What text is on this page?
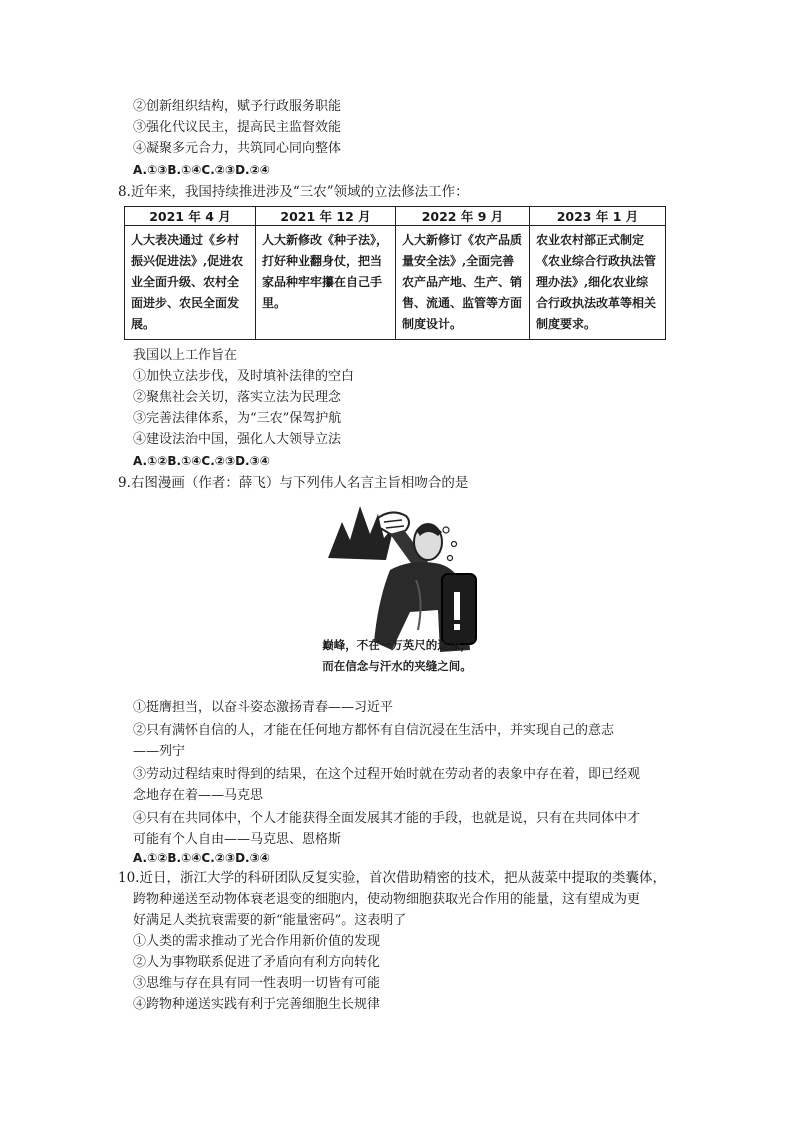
②创新组织结构，赋予行政服务职能
③强化代议民主，提高民主监督效能
④凝聚多元合力，共筑同心同向整体
A.①③B.①④C.②③D.②④
8.近年来，我国持续推进涉及“三农”领域的立法修法工作：
2021 年 4 月	2021 年 12 月	2022 年 9 月	2023 年 1 月
人大表决通过《乡村振兴促进法》,促进农业全面升级、农村全面进步、农民全面发展。	人大新修改《种子法》，打好种业翻身仗，把当家品种牢牢攥在自己手里。	人大新修订《农产品质量安全法》,全面完善农产品产地、生产、销售、流通、监管等方面制度设计。	农业农村部正式制定《农业综合行政执法管理办法》,细化农业综合行政执法改革等相关制度要求。
我国以上工作旨在
①加快立法步伐，及时填补法律的空白
②聚焦社会关切，落实立法为民理念
③完善法律体系，为“三农”保驾护航
④建设法治中国，强化人大领导立法
A.①②B.①④C.②③D.③④
9.右图漫画（作者：薛飞）与下列伟人名言主旨相吻合的是
巅峰，不在一万英尺的边缘，
而在信念与汗水的夹缝之间。
①挺膺担当，以奋斗姿态激扬青春——习近平
②只有满怀自信的人，才能在任何地方都怀有自信沉浸在生活中，并实现自己的意志
——列宁
③劳动过程结束时得到的结果，在这个过程开始时就在劳动者的表象中存在着，即已经观
念地存在着——马克思
④只有在共同体中，个人才能获得全面发展其才能的手段，也就是说，只有在共同体中才
可能有个人自由——马克思、恩格斯
A.①②B.①④C.②③D.③④
10.近日，浙江大学的科研团队反复实验，首次借助精密的技术，把从菠菜中提取的类囊体，
跨物种递送至动物体衰老退变的细胞内，使动物细胞获取光合作用的能量，这有望成为更
好满足人类抗衰需要的新“能量密码”。这表明了
①人类的需求推动了光合作用新价值的发现
②人为事物联系促进了矛盾向有利方向转化
③思维与存在具有同一性表明一切皆有可能
④跨物种递送实践有利于完善细胞生长规律
